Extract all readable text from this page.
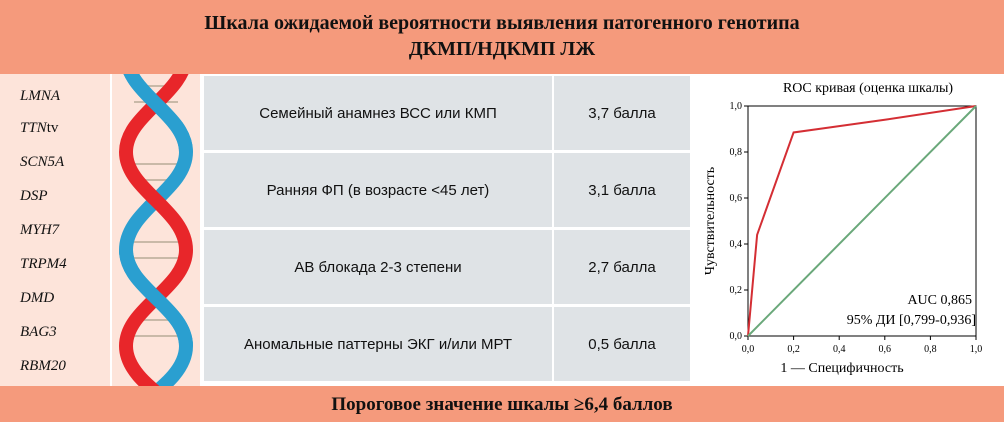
Шкала ожидаемой вероятности выявления патогенного генотипа
ДКМП/НДКМП ЛЖ
LMNA
TTNtv
SCN5A
DSP
MYH7
TRPM4
DMD
BAG3
RBM20
Семейный анамнез ВСС или КМП	3,7 балла
Ранняя ФП (в возрасте <45 лет)	3,1 балла
АВ блокада 2-3 степени	2,7 балла
Аномальные паттерны ЭКГ и/или МРТ	0,5 балла
ROC кривая (оценка шкалы)
1 — Специфичность
Чувствительность
AUC 0,865
95% ДИ [0,799-0,936]
0,0
0,0
0,2
0,2
0,4
0,4
0,6
0,6
0,8
0,8
1,0
1,0
Пороговое значение шкалы ≥6,4 баллов
